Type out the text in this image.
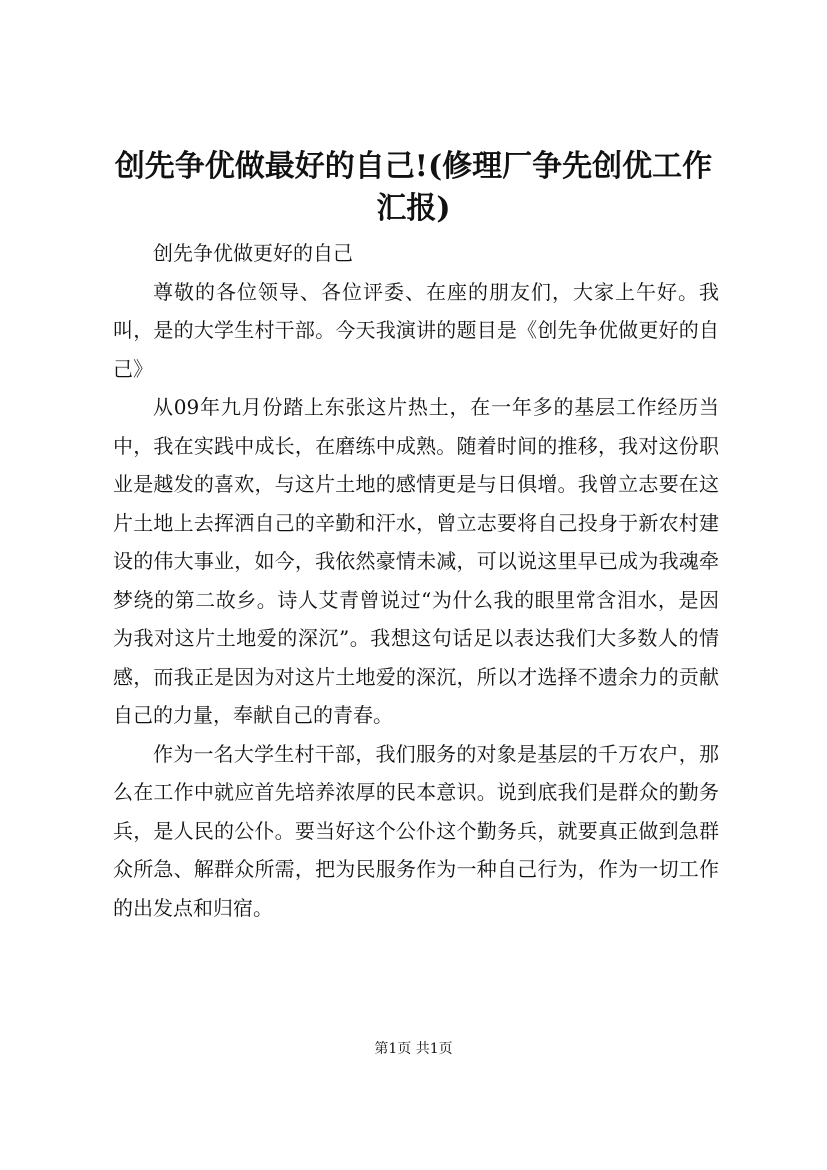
创先争优做最好的自己!(修理厂争先创优工作汇报)

创先争优做更好的自己

尊敬的各位领导、各位评委、在座的朋友们，大家上午好。我叫，是的大学生村干部。今天我演讲的题目是《创先争优做更好的自己》

从09年九月份踏上东张这片热土，在一年多的基层工作经历当中，我在实践中成长，在磨练中成熟。随着时间的推移，我对这份职业是越发的喜欢，与这片土地的感情更是与日俱增。我曾立志要在这片土地上去挥洒自己的辛勤和汗水，曾立志要将自己投身于新农村建设的伟大事业，如今，我依然豪情未减，可以说这里早已成为我魂牵梦绕的第二故乡。诗人艾青曾说过“为什么我的眼里常含泪水，是因为我对这片土地爱的深沉”。我想这句话足以表达我们大多数人的情感，而我正是因为对这片土地爱的深沉，所以才选择不遗余力的贡献自己的力量，奉献自己的青春。

作为一名大学生村干部，我们服务的对象是基层的千万农户，那么在工作中就应首先培养浓厚的民本意识。说到底我们是群众的勤务兵，是人民的公仆。要当好这个公仆这个勤务兵，就要真正做到急群众所急、解群众所需，把为民服务作为一种自己行为，作为一切工作的出发点和归宿。

第1页 共1页
